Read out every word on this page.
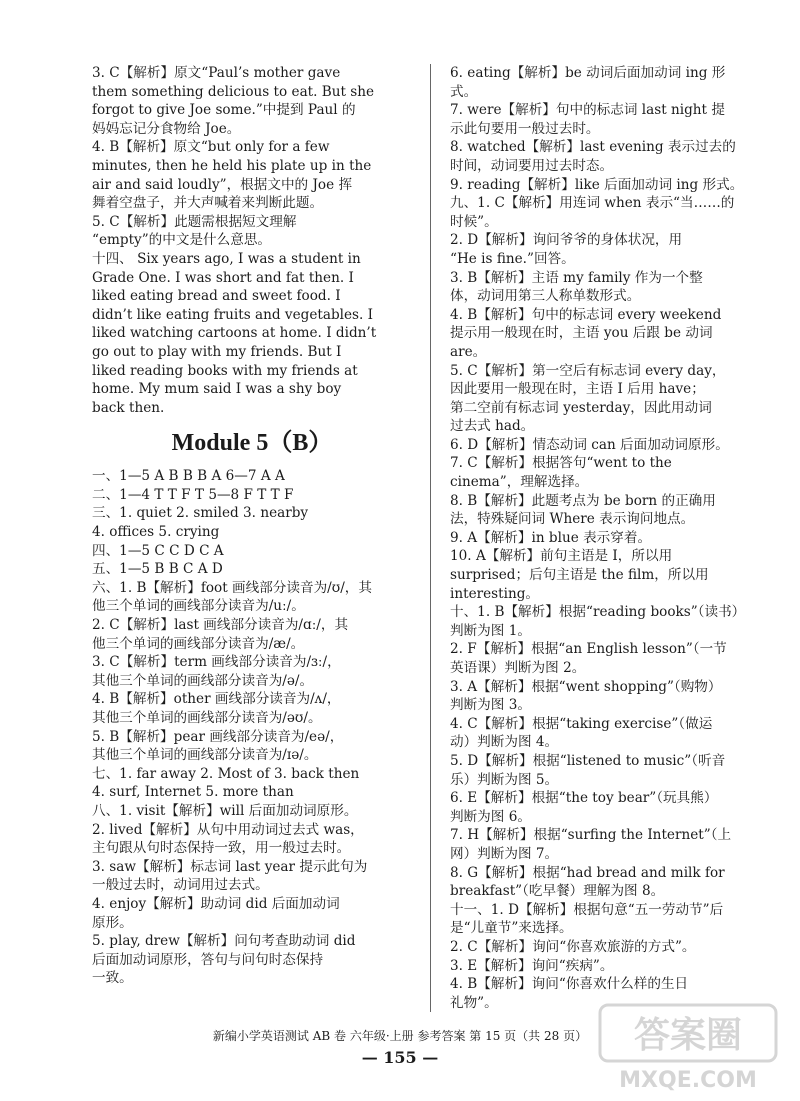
3. C【解析】原文“Paul’s mother gave
them something delicious to eat. But she
forgot to give Joe some.”中提到 Paul 的
妈妈忘记分食物给 Joe。
4. B【解析】原文“but only for a few
minutes, then he held his plate up in the
air and said loudly”，根据文中的 Joe 挥
舞着空盘子，并大声喊着来判断此题。
5. C【解析】此题需根据短文理解
“empty”的中文是什么意思。
十四、 Six years ago, I was a student in
Grade One. I was short and fat then. I
liked eating bread and sweet food. I
didn’t like eating fruits and vegetables. I
liked watching cartoons at home. I didn’t
go out to play with my friends. But I
liked reading books with my friends at
home. My mum said I was a shy boy
back then.
Module 5（B）
一、1—5 A B B B A 6—7 A A
二、1—4 T T F T 5—8 F T T F
三、1. quiet 2. smiled 3. nearby
4. offices 5. crying
四、1—5 C C D C A
五、1—5 B B C A D
六、1. B【解析】foot 画线部分读音为/ʊ/，其
他三个单词的画线部分读音为/uː/。
2. C【解析】last 画线部分读音为/ɑː/，其
他三个单词的画线部分读音为/æ/。
3. C【解析】term 画线部分读音为/ɜː/，
其他三个单词的画线部分读音为/ə/。
4. B【解析】other 画线部分读音为/ʌ/，
其他三个单词的画线部分读音为/əʊ/。
5. B【解析】pear 画线部分读音为/eə/，
其他三个单词的画线部分读音为/ɪə/。
七、1. far away 2. Most of 3. back then
4. surf, Internet 5. more than
八、1. visit【解析】will 后面加动词原形。
2. lived【解析】从句中用动词过去式 was，
主句跟从句时态保持一致，用一般过去时。
3. saw【解析】标志词 last year 提示此句为
一般过去时，动词用过去式。
4. enjoy【解析】助动词 did 后面加动词
原形。
5. play, drew【解析】问句考查助动词 did
后面加动词原形，答句与问句时态保持
一致。
6. eating【解析】be 动词后面加动词 ing 形
式。
7. were【解析】句中的标志词 last night 提
示此句要用一般过去时。
8. watched【解析】last evening 表示过去的
时间，动词要用过去时态。
9. reading【解析】like 后面加动词 ing 形式。
九、1. C【解析】用连词 when 表示“当……的
时候”。
2. D【解析】询问爷爷的身体状况，用
“He is fine.”回答。
3. B【解析】主语 my family 作为一个整
体，动词用第三人称单数形式。
4. B【解析】句中的标志词 every weekend
提示用一般现在时，主语 you 后跟 be 动词
are。
5. C【解析】第一空后有标志词 every day，
因此要用一般现在时，主语 I 后用 have；
第二空前有标志词 yesterday，因此用动词
过去式 had。
6. D【解析】情态动词 can 后面加动词原形。
7. C【解析】根据答句“went to the
cinema”，理解选择。
8. B【解析】此题考点为 be born 的正确用
法，特殊疑问词 Where 表示询问地点。
9. A【解析】in blue 表示穿着。
10. A【解析】前句主语是 I，所以用
surprised；后句主语是 the film，所以用
interesting。
十、1. B【解析】根据“reading books”（读书）
判断为图 1。
2. F【解析】根据“an English lesson”（一节
英语课）判断为图 2。
3. A【解析】根据“went shopping”（购物）
判断为图 3。
4. C【解析】根据“taking exercise”（做运
动）判断为图 4。
5. D【解析】根据“listened to music”（听音
乐）判断为图 5。
6. E【解析】根据“the toy bear”（玩具熊）
判断为图 6。
7. H【解析】根据“surfing the Internet”（上
网）判断为图 7。
8. G【解析】根据“had bread and milk for
breakfast”（吃早餐）理解为图 8。
十一、1. D【解析】根据句意“五一劳动节”后
是“儿童节”来选择。
2. C【解析】询问“你喜欢旅游的方式”。
3. E【解析】询问“疾病”。
4. B【解析】询问“你喜欢什么样的生日
礼物”。
新编小学英语测试 AB 卷 六年级·上册 参考答案 第 15 页（共 28 页）
— 155 —
答案圈
MXQE.COM
